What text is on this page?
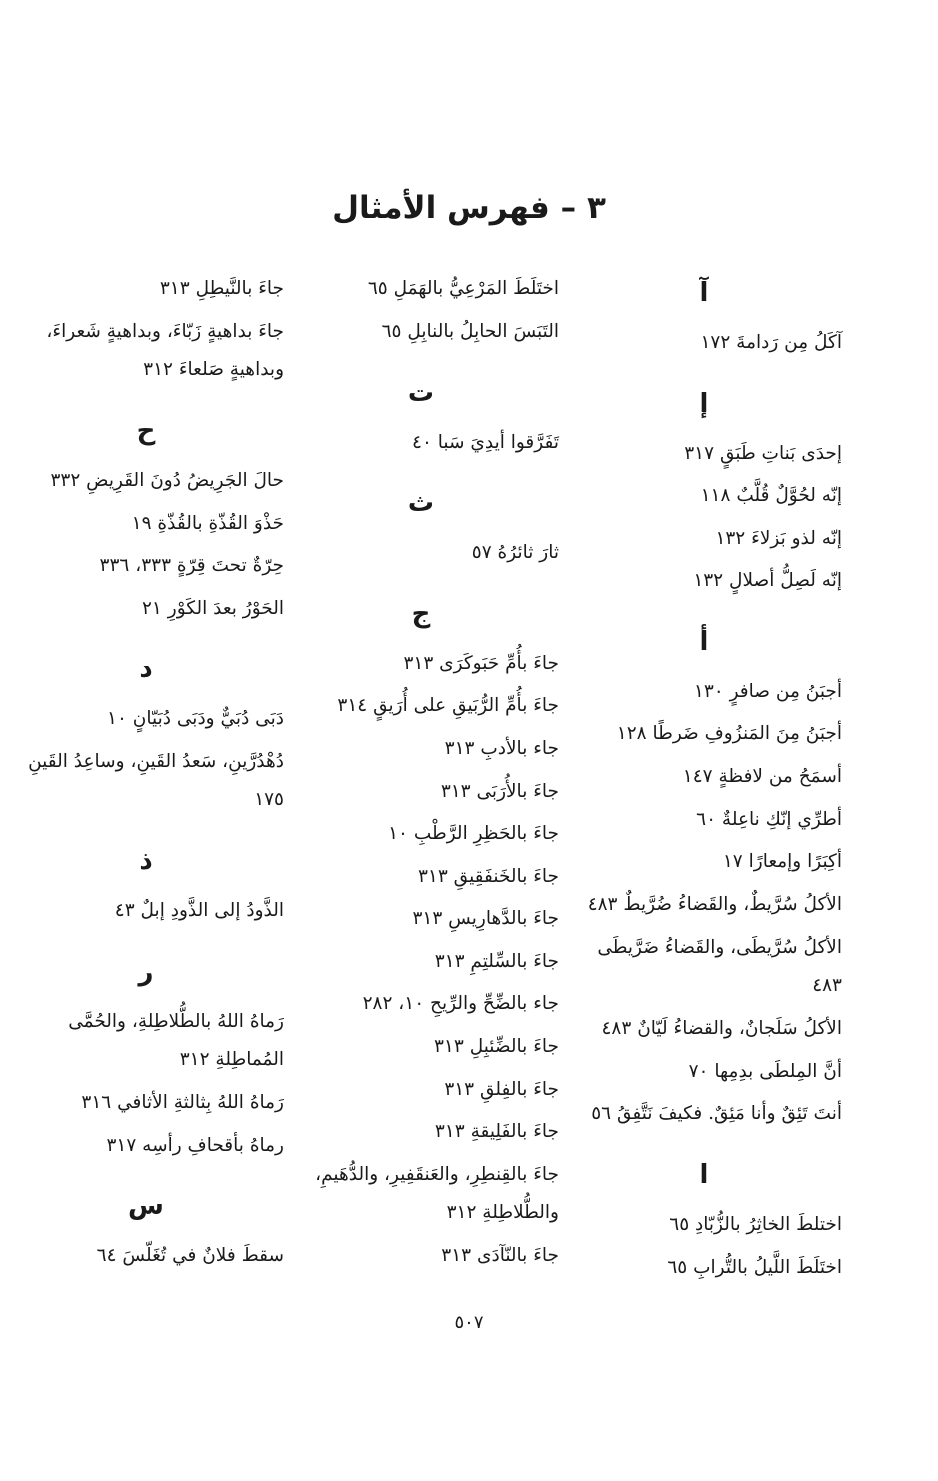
٣ – فهرس الأمثال
آ
آكَلُ مِن رَدامةَ ١٧٢
إ
إحدَى بَناتِ طَبَقٍ ٣١٧
إنّه لحُوَّلٌ قُلَّبٌ ١١٨
إنّه لذو بَزلاءَ ١٣٢
إنّه لَصِلُّ أصلالٍ ١٣٢
أ
أجبَنُ مِن صافرٍ ١٣٠
أجبَنُ مِنَ المَنزُوفِ ضَرطًا ١٢٨
أسمَحُ من لافظةٍ ١٤٧
أطرِّي إنّكِ ناعِلةٌ ٦٠
أكِبَرًا وإمعارًا ١٧
الأكلُ سُرَّيطٌ، والقَضاءُ ضُرَّيطٌ ٤٨٣
الأكلُ سُرَّيطَى، والقَضاءُ ضَرَّيطَى ٤٨٣
الأكلُ سَلَجانٌ، والقضاءُ لَيّانٌ ٤٨٣
أنَّ المِلطَى بدِمِها ٧٠
أنتَ تَئِقٌ وأنا مَئِقٌ. فكيفَ نَتَّفِقُ ٥٦
ا
اختلطَ الخاثِرُ بالزُّبّادِ ٦٥
اختَلَطَ اللَّيلُ بالتُّرابِ ٦٥
اختَلَطَ المَرْعِيُّ بالهَمَلِ ٦٥
التَبَسَ الحابِلُ بالنابِلِ ٦٥
ت
تَفَرَّقوا أيدِيَ سَبا ٤٠
ث
ثارَ ثائرُهُ ٥٧
ج
جاءَ بأُمِّ حَبَوكَرَى ٣١٣
جاءَ بأُمِّ الرُّبَيقِ على أُرَيقٍ ٣١٤
جاء بالأدبِ ٣١٣
جاءَ بالأُرَبَى ٣١٣
جاءَ بالحَظِرِ الرَّطْبِ ١٠
جاءَ بالخَنفَقِيقِ ٣١٣
جاءَ بالدَّهارِيسِ ٣١٣
جاءَ بالسِّلتِمِ ٣١٣
جاء بالضِّحِّ والرِّيحِ ١٠، ٢٨٢
جاءَ بالضِّئبِلِ ٣١٣
جاءَ بالفِلقِ ٣١٣
جاءَ بالفَلِيقةِ ٣١٣
جاءَ بالقِنطِرِ، والعَنقَفِيرِ، والدُّهَيمِ، والطُّلاطِلةِ ٣١٢
جاءَ بالنّآدَى ٣١٣
جاءَ بالنَّيطِلِ ٣١٣
جاءَ بداهيةٍ زَبّاءَ، وبداهيةٍ شَعراءَ، وبداهيةٍ صَلعاءَ ٣١٢
ح
حالَ الجَرِيضُ دُونَ القَرِيضِ ٣٣٢
حَذْوَ القُذّةِ بالقُذّةِ ١٩
حِرّةٌ تحتَ قِرّةٍ ٣٣٣، ٣٣٦
الحَوْرُ بعدَ الكَوْرِ ٢١
د
دَبَى دُبَيٌّ ودَبَى دُبَيّانٍ ١٠
دُهْدُرَّينِ، سَعدُ القَينِ، وساعِدُ القَينِ ١٧٥
ذ
الذَّودُ إلى الذَّودِ إبلٌ ٤٣
ر
رَماهُ اللهُ بالطُّلاطِلةِ، والحُمَّى المُماطِلةِ ٣١٢
رَماهُ اللهُ بِثالثةِ الأثافي ٣١٦
رماهُ بأقحافِ رأسِه ٣١٧
س
سقطَ فلانٌ في تُغَلّسَ ٦٤
٥٠٧
